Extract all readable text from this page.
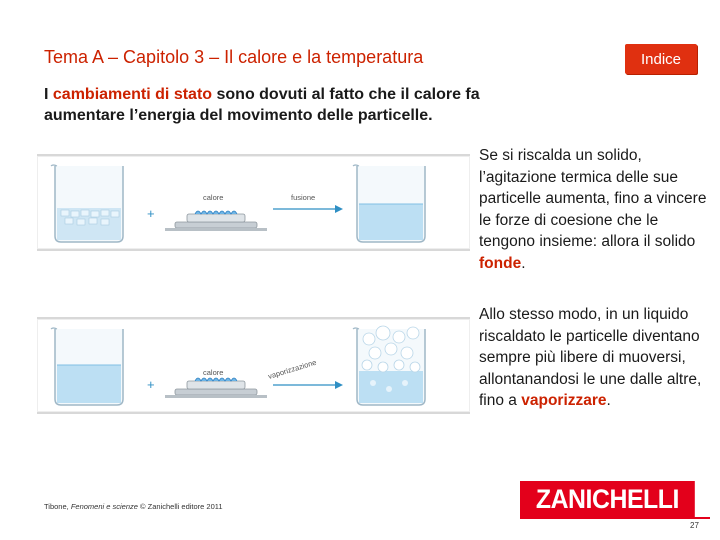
Tema A – Capitolo 3 – Il calore e la temperatura	Indice
I cambiamenti di stato sono dovuti al fatto che il calore fa aumentare l’energia del movimento delle particelle.
+
calore	fusione
+
calore	vaporizzazione
Se si riscalda un solido, l’agitazione termica delle sue particelle aumenta, fino a vincere le forze di coesione che le tengono insieme: allora il solido fonde.
Allo stesso modo, in un liquido riscaldato le particelle diventano sempre più libere di muoversi, allontanandosi le une dalle altre, fino a vaporizzare.
Tibone, Fenomeni e scienze © Zanichelli editore 2011	ZANICHELLI
27
